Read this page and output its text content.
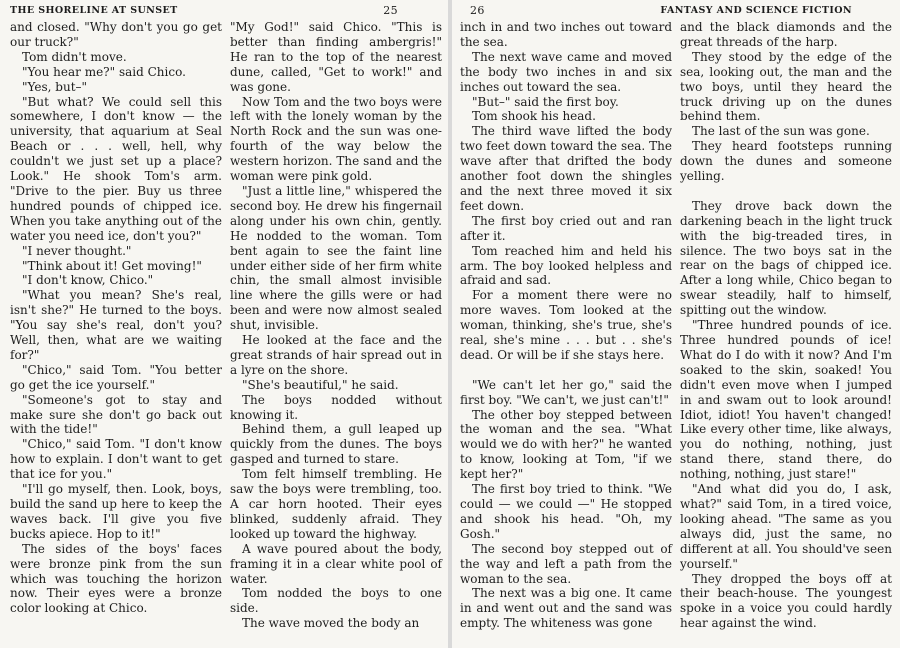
THE SHORELINE AT SUNSET	25

and closed. "Why don't you go get our truck?"

Tom didn't move.

"You hear me?" said Chico.

"Yes, but–"

"But what? We could sell this somewhere, I don't know — the university, that aquarium at Seal Beach or . . . well, hell, why couldn't we just set up a place? Look." He shook Tom's arm. "Drive to the pier. Buy us three hundred pounds of chipped ice. When you take anything out of the water you need ice, don't you?"

"I never thought."

"Think about it! Get moving!"

"I don't know, Chico."

"What you mean? She's real, isn't she?" He turned to the boys. "You say she's real, don't you? Well, then, what are we waiting for?"

"Chico," said Tom. "You better go get the ice yourself."

"Someone's got to stay and make sure she don't go back out with the tide!"

"Chico," said Tom. "I don't know how to explain. I don't want to get that ice for you."

"I'll go myself, then. Look, boys, build the sand up here to keep the waves back. I'll give you five bucks apiece. Hop to it!"

The sides of the boys' faces were bronze pink from the sun which was touching the horizon now. Their eyes were a bronze color looking at Chico.

"My God!" said Chico. "This is better than finding ambergris!" He ran to the top of the nearest dune, called, "Get to work!" and was gone.

Now Tom and the two boys were left with the lonely woman by the North Rock and the sun was one-fourth of the way below the western horizon. The sand and the woman were pink gold.

"Just a little line," whispered the second boy. He drew his fingernail along under his own chin, gently. He nodded to the woman. Tom bent again to see the faint line under either side of her firm white chin, the small almost invisible line where the gills were or had been and were now almost sealed shut, invisible.

He looked at the face and the great strands of hair spread out in a lyre on the shore.

"She's beautiful," he said.

The boys nodded without knowing it.

Behind them, a gull leaped up quickly from the dunes. The boys gasped and turned to stare.

Tom felt himself trembling. He saw the boys were trembling, too. A car horn hooted. Their eyes blinked, suddenly afraid. They looked up toward the highway.

A wave poured about the body, framing it in a clear white pool of water.

Tom nodded the boys to one side.

The wave moved the body an

26	FANTASY AND SCIENCE FICTION

inch in and two inches out toward the sea.

The next wave came and moved the body two inches in and six inches out toward the sea.

"But–" said the first boy.

Tom shook his head.

The third wave lifted the body two feet down toward the sea. The wave after that drifted the body another foot down the shingles and the next three moved it six feet down.

The first boy cried out and ran after it.

Tom reached him and held his arm. The boy looked helpless and afraid and sad.

For a moment there were no more waves. Tom looked at the woman, thinking, she's true, she's real, she's mine . . . but . . she's dead. Or will be if she stays here.

"We can't let her go," said the first boy. "We can't, we just can't!"

The other boy stepped between the woman and the sea. "What would we do with her?" he wanted to know, looking at Tom, "if we kept her?"

The first boy tried to think. "We could — we could —" He stopped and shook his head. "Oh, my Gosh."

The second boy stepped out of the way and left a path from the woman to the sea.

The next was a big one. It came in and went out and the sand was empty. The whiteness was gone

and the black diamonds and the great threads of the harp.

They stood by the edge of the sea, looking out, the man and the two boys, until they heard the truck driving up on the dunes behind them.

The last of the sun was gone.

They heard footsteps running down the dunes and someone yelling.

They drove back down the darkening beach in the light truck with the big-treaded tires, in silence. The two boys sat in the rear on the bags of chipped ice. After a long while, Chico began to swear steadily, half to himself, spitting out the window.

"Three hundred pounds of ice. Three hundred pounds of ice! What do I do with it now? And I'm soaked to the skin, soaked! You didn't even move when I jumped in and swam out to look around! Idiot, idiot! You haven't changed! Like every other time, like always, you do nothing, nothing, just stand there, stand there, do nothing, nothing, just stare!"

"And what did you do, I ask, what?" said Tom, in a tired voice, looking ahead. "The same as you always did, just the same, no different at all. You should've seen yourself."

They dropped the boys off at their beach-house. The youngest spoke in a voice you could hardly hear against the wind.
